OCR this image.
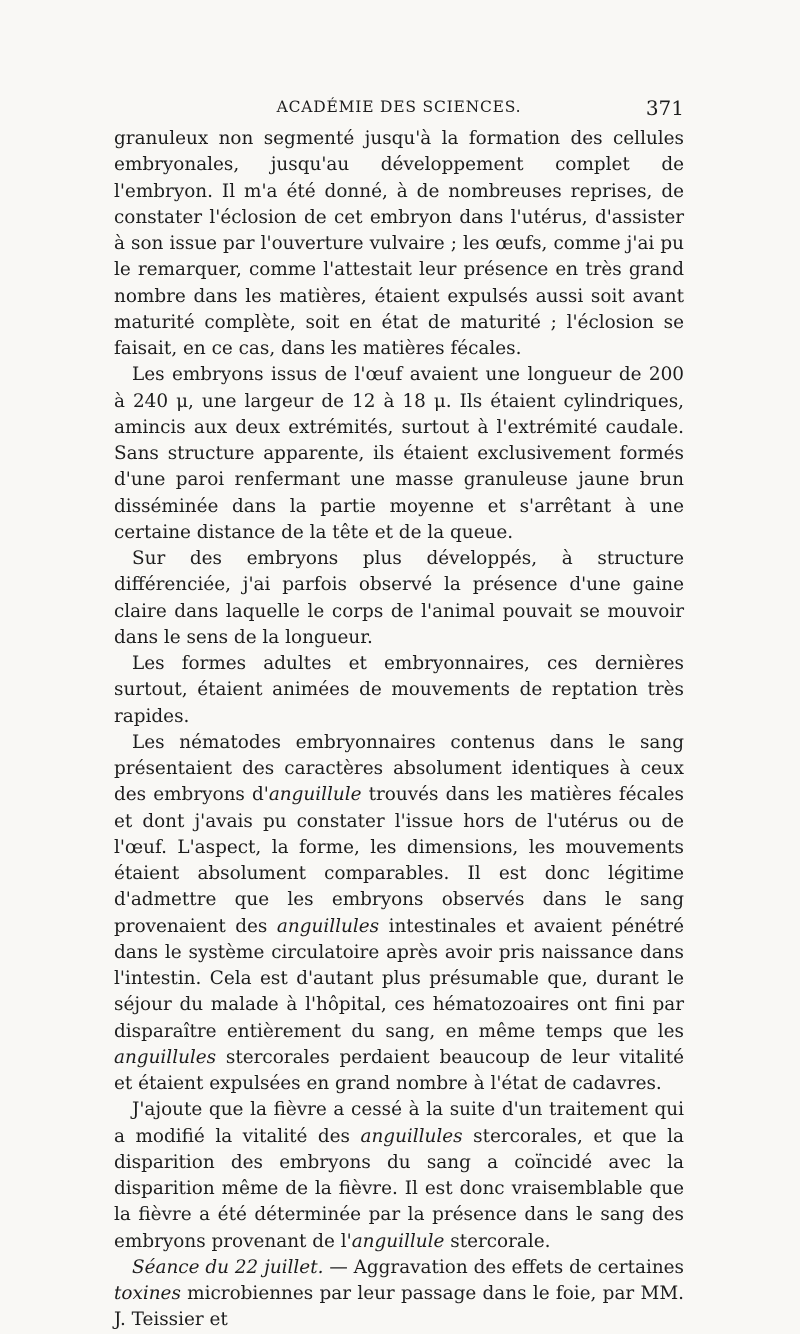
ACADÉMIE DES SCIENCES.	371

granuleux non segmenté jusqu'à la formation des cellules embryonales, jusqu'au développement complet de l'embryon. Il m'a été donné, à de nombreuses reprises, de constater l'éclosion de cet embryon dans l'utérus, d'assister à son issue par l'ouverture vulvaire ; les œufs, comme j'ai pu le remarquer, comme l'attestait leur présence en très grand nombre dans les matières, étaient expulsés aussi soit avant maturité complète, soit en état de maturité ; l'éclosion se faisait, en ce cas, dans les matières fécales.

Les embryons issus de l'œuf avaient une longueur de 200 à 240 μ, une largeur de 12 à 18 μ. Ils étaient cylindriques, amincis aux deux extrémités, surtout à l'extrémité caudale. Sans structure apparente, ils étaient exclusivement formés d'une paroi renfermant une masse granuleuse jaune brun disséminée dans la partie moyenne et s'arrêtant à une certaine distance de la tête et de la queue.

Sur des embryons plus développés, à structure différenciée, j'ai parfois observé la présence d'une gaine claire dans laquelle le corps de l'animal pouvait se mouvoir dans le sens de la longueur.

Les formes adultes et embryonnaires, ces dernières surtout, étaient animées de mouvements de reptation très rapides.

Les nématodes embryonnaires contenus dans le sang présentaient des caractères absolument identiques à ceux des embryons d'anguillule trouvés dans les matières fécales et dont j'avais pu constater l'issue hors de l'utérus ou de l'œuf. L'aspect, la forme, les dimensions, les mouvements étaient absolument comparables. Il est donc légitime d'admettre que les embryons observés dans le sang provenaient des anguillules intestinales et avaient pénétré dans le système circulatoire après avoir pris naissance dans l'intestin. Cela est d'autant plus présumable que, durant le séjour du malade à l'hôpital, ces hématozoaires ont fini par disparaître entièrement du sang, en même temps que les anguillules stercorales perdaient beaucoup de leur vitalité et étaient expulsées en grand nombre à l'état de cadavres.

J'ajoute que la fièvre a cessé à la suite d'un traitement qui a modifié la vitalité des anguillules stercorales, et que la disparition des embryons du sang a coïncidé avec la disparition même de la fièvre. Il est donc vraisemblable que la fièvre a été déterminée par la présence dans le sang des embryons provenant de l'anguillule stercorale.

Séance du 22 juillet. — Aggravation des effets de certaines toxines microbiennes par leur passage dans le foie, par MM. J. Teissier et
